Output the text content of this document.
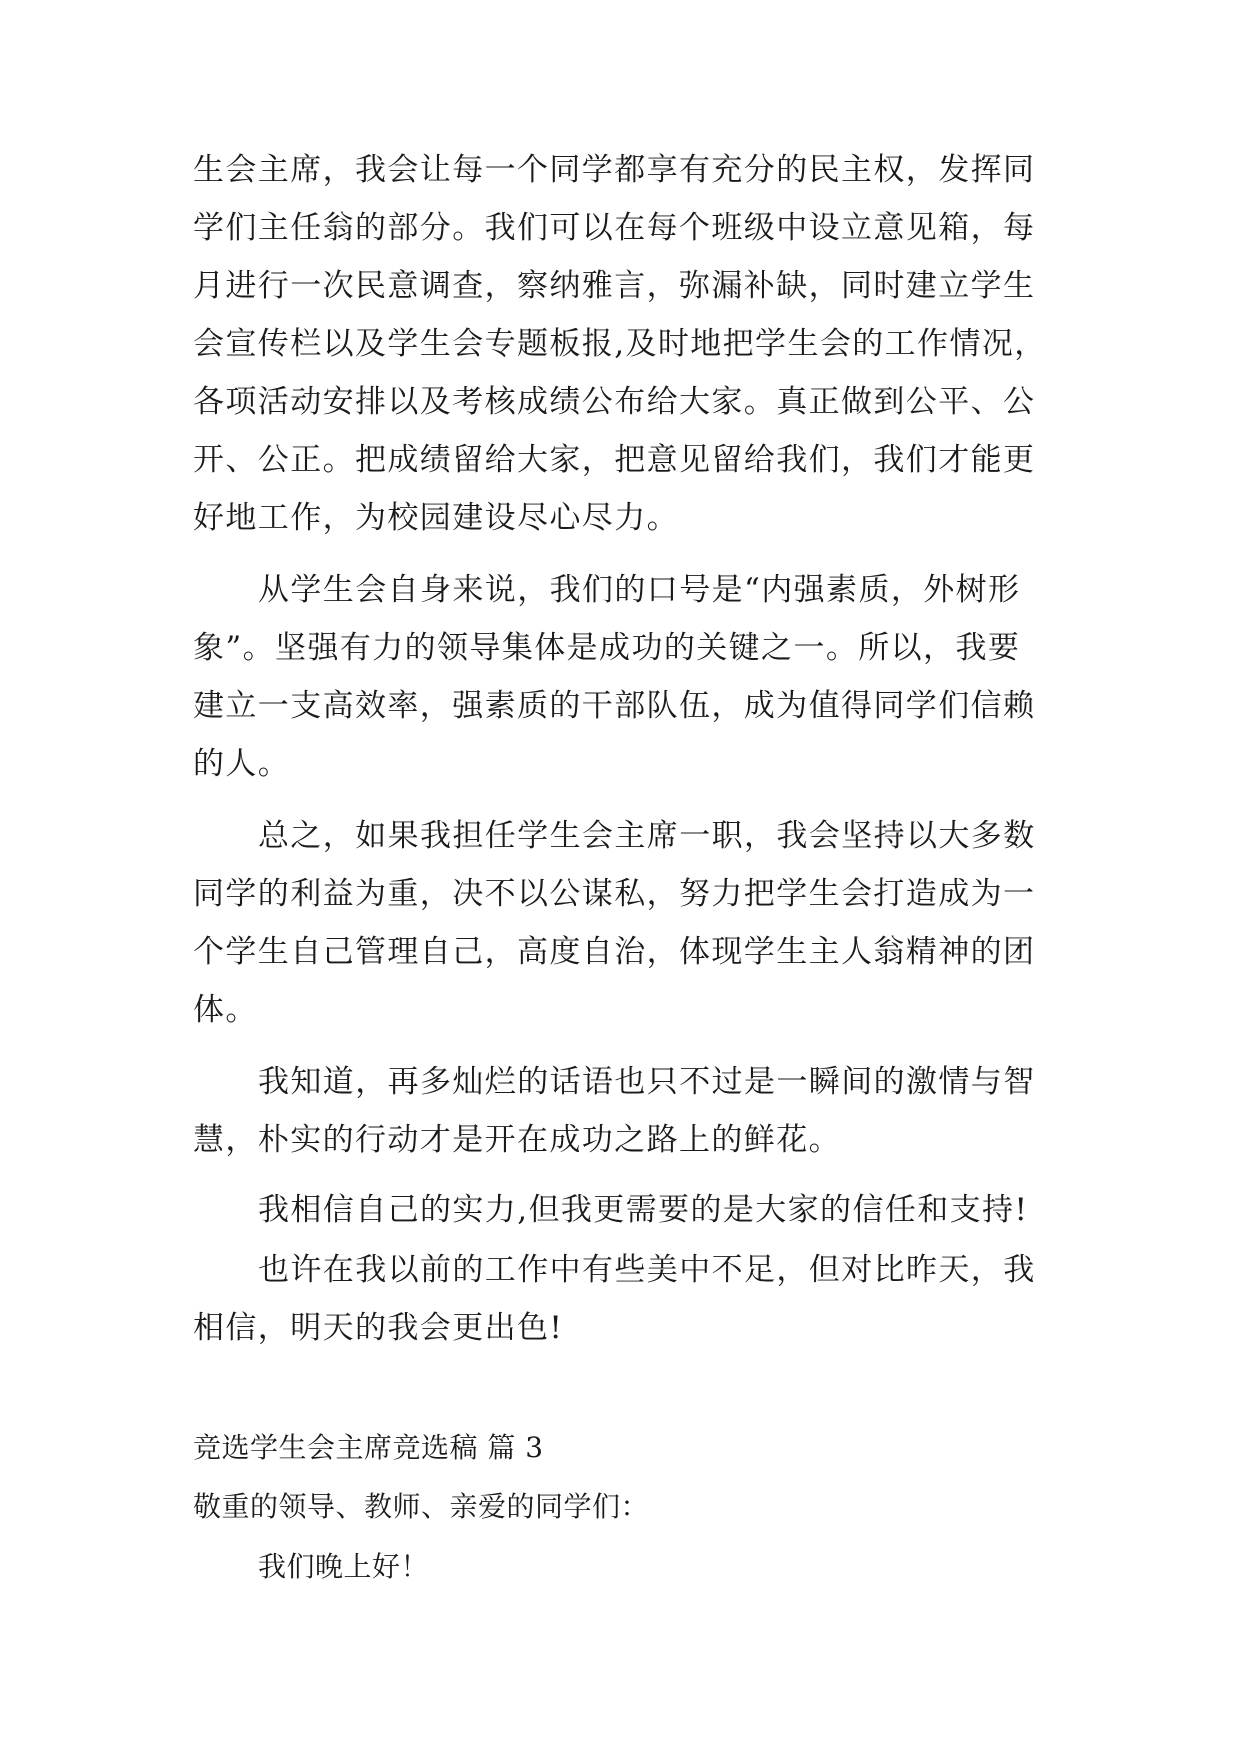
生会主席，我会让每一个同学都享有充分的民主权，发挥同
学们主任翁的部分。我们可以在每个班级中设立意见箱，每
月进行一次民意调查，察纳雅言，弥漏补缺，同时建立学生
会宣传栏以及学生会专题板报,及时地把学生会的工作情况，
各项活动安排以及考核成绩公布给大家。真正做到公平、公
开、公正。把成绩留给大家，把意见留给我们，我们才能更
好地工作，为校园建设尽心尽力。
从学生会自身来说，我们的口号是“内强素质，外树形
象”。坚强有力的领导集体是成功的关键之一。所以，我要
建立一支高效率，强素质的干部队伍，成为值得同学们信赖
的人。
总之，如果我担任学生会主席一职，我会坚持以大多数
同学的利益为重，决不以公谋私，努力把学生会打造成为一
个学生自己管理自己，高度自治，体现学生主人翁精神的团
体。
我知道，再多灿烂的话语也只不过是一瞬间的激情与智
慧，朴实的行动才是开在成功之路上的鲜花。
我相信自己的实力,但我更需要的是大家的信任和支持!
也许在我以前的工作中有些美中不足，但对比昨天，我
相信，明天的我会更出色!
竞选学生会主席竞选稿 篇 3
敬重的领导、教师、亲爱的同学们：
我们晚上好！
